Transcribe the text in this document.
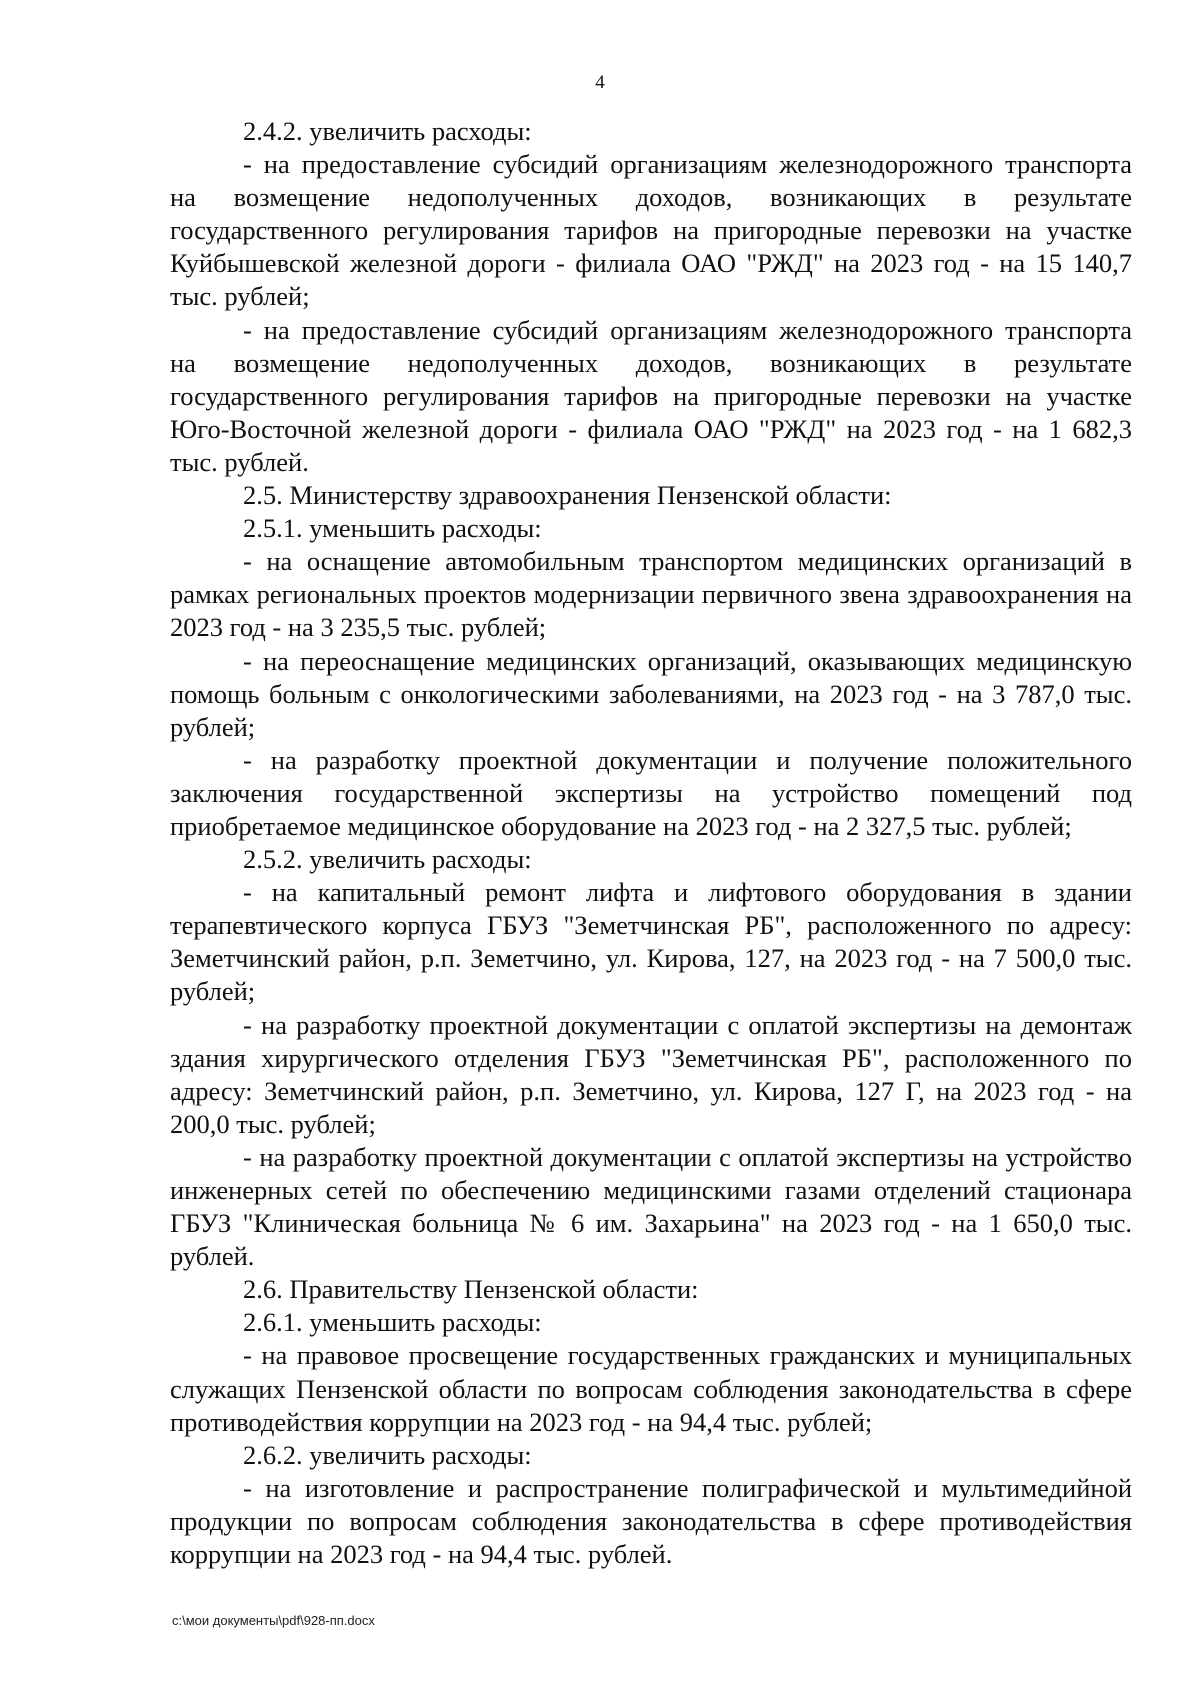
4

2.4.2. увеличить расходы:

- на предоставление субсидий организациям железнодорожного транспорта на возмещение недополученных доходов, возникающих в результате государственного регулирования тарифов на пригородные перевозки на участке Куйбышевской железной дороги - филиала ОАО "РЖД" на 2023 год - на 15 140,7 тыс. рублей;

- на предоставление субсидий организациям железнодорожного транспорта на возмещение недополученных доходов, возникающих в результате государственного регулирования тарифов на пригородные перевозки на участке Юго-Восточной железной дороги - филиала ОАО "РЖД" на 2023 год - на 1 682,3 тыс. рублей.

2.5. Министерству здравоохранения Пензенской области:

2.5.1. уменьшить расходы:

- на оснащение автомобильным транспортом медицинских организаций в рамках региональных проектов модернизации первичного звена здравоохранения на 2023 год - на 3 235,5 тыс. рублей;

- на переоснащение медицинских организаций, оказывающих медицинскую помощь больным с онкологическими заболеваниями, на 2023 год - на 3 787,0 тыс. рублей;

- на разработку проектной документации и получение положительного заключения государственной экспертизы на устройство помещений под приобретаемое медицинское оборудование на 2023 год - на 2 327,5 тыс. рублей;

2.5.2. увеличить расходы:

- на капитальный ремонт лифта и лифтового оборудования в здании терапевтического корпуса ГБУЗ "Земетчинская РБ", расположенного по адресу: Земетчинский район, р.п. Земетчино, ул. Кирова, 127, на 2023 год - на 7 500,0 тыс. рублей;

- на разработку проектной документации с оплатой экспертизы на демонтаж здания хирургического отделения ГБУЗ "Земетчинская РБ", расположенного по адресу: Земетчинский район, р.п. Земетчино, ул. Кирова, 127 Г, на 2023 год - на 200,0 тыс. рублей;

- на разработку проектной документации с оплатой экспертизы на устройство инженерных сетей по обеспечению медицинскими газами отделений стационара ГБУЗ "Клиническая больница № 6 им. Захарьина" на 2023 год - на 1 650,0 тыс. рублей.

2.6. Правительству Пензенской области:

2.6.1. уменьшить расходы:

- на правовое просвещение государственных гражданских и муниципальных служащих Пензенской области по вопросам соблюдения законодательства в сфере противодействия коррупции на 2023 год - на 94,4 тыс. рублей;

2.6.2. увеличить расходы:

- на изготовление и распространение полиграфической и мультимедийной продукции по вопросам соблюдения законодательства в сфере противодействия коррупции на 2023 год - на 94,4 тыс. рублей.

c:\мои документы\pdf\928-пп.docx
